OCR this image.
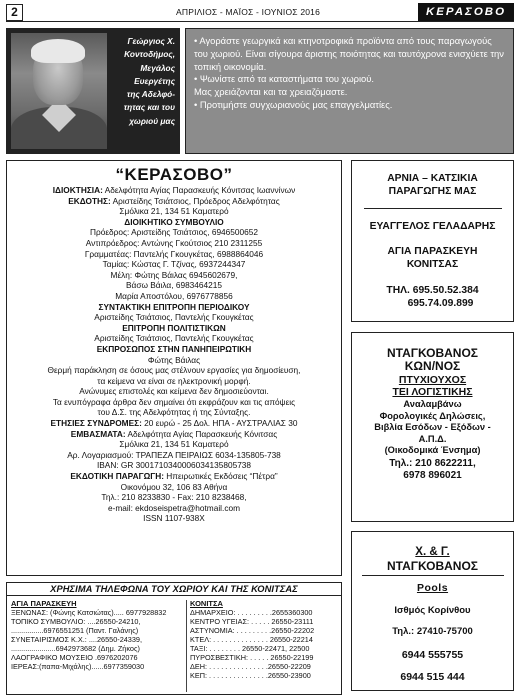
2	ΑΠΡΙΛΙΟΣ - ΜΑΪΟΣ - ΙΟΥΝΙΟΣ 2016	ΚΕΡΑΣΟΒΟ
Γεώργιος Χ.
Κοντοδήμος,
Μεγάλος
Ευεργέτης
της Αδελφό-
τητας και του
χωριού μας

• Αγοράστε γεωργικά και κτηνοτροφικά προϊόντα από τους παραγωγούς του χωριού. Είναι σίγουρα άριστης ποιότητας και ταυτόχρονα ενισχύετε την τοπική οικονομία.

• Ψωνίστε από τα καταστήματα του χωριού.

Μας χρειάζονται και τα χρειαζόμαστε.

• Προτιμήστε συγχωριανούς μας επαγγελματίες.

“ΚΕΡΑΣΟΒΟ”
ΙΔΙΟΚΤΗΣΙΑ: Αδελφότητα Αγίας Παρασκευής Κόνιτσας Ιωαννίνων
ΕΚΔΟΤΗΣ: Αριστείδης Τσιάτσιος, Πρόεδρος Αδελφότητας
Σμόλικα 21, 134 51 Καματερό
ΔΙΟΙΚΗΤΙΚΟ ΣΥΜΒΟΥΛΙΟ
Πρόεδρος: Αριστείδης Τσιάτσιος, 6946500652
Αντιπρόεδρος: Αντώνης Γκούτσιος 210 2311255
Γραμματέας: Παντελής Γκουγκέτας, 6988864046
Ταμίας: Κώστας Γ. Τζίνας, 6937244347
Μέλη: Φώτης Βάιλας 6945602679,
Βάσω Βάιλα, 6983464215
Μαρία Αποστόλου, 6976778856
ΣΥΝΤΑΚΤΙΚΗ ΕΠΙΤΡΟΠΗ ΠΕΡΙΟΔΙΚΟΥ
Αριστείδης Τσιάτσιος, Παντελής Γκουγκέτας
ΕΠΙΤΡΟΠΗ ΠΟΛΙΤΙΣΤΙΚΩΝ
Αριστείδης Τσιάτσιος, Παντελής Γκουγκέτας
ΕΚΠΡΟΣΩΠΟΣ ΣΤΗΝ ΠΑΝΗΠΕΙΡΩΤΙΚΗ
Φώτης Βάιλας
Θερμή παράκληση σε όσους μας στέλνουν εργασίες για δημοσίευση,
τα κείμενα να είναι σε ηλεκτρονική μορφή.
Ανώνυμες επιστολές και κείμενα δεν δημοσιεύονται.
Τα ενυπόγραφα άρθρα δεν σημαίνει ότι εκφράζουν και τις απόψεις
του Δ.Σ. της Αδελφότητας ή της Σύνταξης.
ΕΤΗΣΙΕΣ ΣΥΝΔΡΟΜΕΣ: 20 ευρώ - 25 Δολ. ΗΠΑ - ΑΥΣΤΡΑΛΙΑΣ 30
ΕΜΒΑΣΜΑΤΑ: Αδελφότητα Αγίας Παρασκευής Κόνιτσας
Σμόλικα 21, 134 51 Καματερό
Αρ. Λογαριασμού: ΤΡΑΠΕΖΑ ΠΕΙΡΑΙΩΣ 6034-135805-738
IBAN: GR 3001710340006034135805738
ΕΚΔΟΤΙΚΗ ΠΑΡΑΓΩΓΗ: Ηπειρωτικές Εκδόσεις “Πέτρα”
Οικονόμου 32, 106 83 Αθήνα
Τηλ.: 210 8233830 - Fax: 210 8238468,
e-mail: ekdoseispetra@hotmail.com
ISSN 1107-938X
ΑΡΝΙΑ – ΚΑΤΣΙΚΙΑ
ΠΑΡΑΓΩΓΗΣ ΜΑΣ
ΕΥΑΓΓΕΛΟΣ ΓΕΛΑΔΑΡΗΣ
ΑΓΙΑ ΠΑΡΑΣΚΕΥΗ
ΚΟΝΙΤΣΑΣ
ΤΗΛ. 695.50.52.384
695.74.09.899
ΝΤΑΓΚΟΒΑΝΟΣ
ΚΩΝ/ΝΟΣ
ΠΤΥΧΙΟΥΧΟΣ
ΤΕΙ ΛΟΓΙΣΤΙΚΗΣ
Αναλαμβάνω
Φορολογικές Δηλώσεις,
Βιβλία Εσόδων - Εξόδων -
Α.Π.Δ.
(Οικοδομικά Ένσημα)
Τηλ.: 210 8622211,
6978 896021
Χ. & Γ.
ΝΤΑΓΚΟΒΑΝΟΣ
Pools
Ισθμός Κορίνθου
Τηλ.: 27410-75700
6944 555755
6944 515 444
ΧΡΗΣΙΜΑ ΤΗΛΕΦΩΝΑ ΤΟΥ ΧΩΡΙΟΥ ΚΑΙ ΤΗΣ ΚΟΝΙΤΣΑΣ
ΑΓΙΑ ΠΑΡΑΣΚΕΥΗ
ΞΕΝΩΝΑΣ: (Φώνης Κατσιώτας)..... 6977928832
ΤΟΠΙΚΟ ΣΥΜΒΟΥΛΙΟ: ....26550-24210,
................6976551251 (Παντ. Γαλάνης)
ΣΥΝΕΤΑΙΡΙΣΜΟΣ Κ.Χ.: ....26550-24339,
......................6942973682 (Δημ. Ζήκος)
ΛΑΟΓΡΑΦΙΚΟ ΜΟΥΣΕΙΟ .6976202076
ΙΕΡΕΑΣ:(παπα-Μιχάλης)......6977359030
ΚΟΝΙΤΣΑ
ΔΗΜΑΡΧΕΙΟ: . . . . . . . . .2655360300
ΚΕΝΤΡΟ ΥΓΕΙΑΣ: . . . . . 26550-23111
ΑΣΤΥΝΟΜΙΑ: . . . . . . . . .26550-22202
ΚΤΕΛ: . . . . . . . . . . . . . . 26550-22214
ΤΑΞΙ: . . . . . . . . 26550-22471, 22500
ΠΥΡΟΣΒΕΣΤΙΚΗ: . . . . . 26550-22199
ΔΕΗ: . . . . . . . . . . . . . . .26550-22209
ΚΕΠ: . . . . . . . . . . . . . . .26550-23900
